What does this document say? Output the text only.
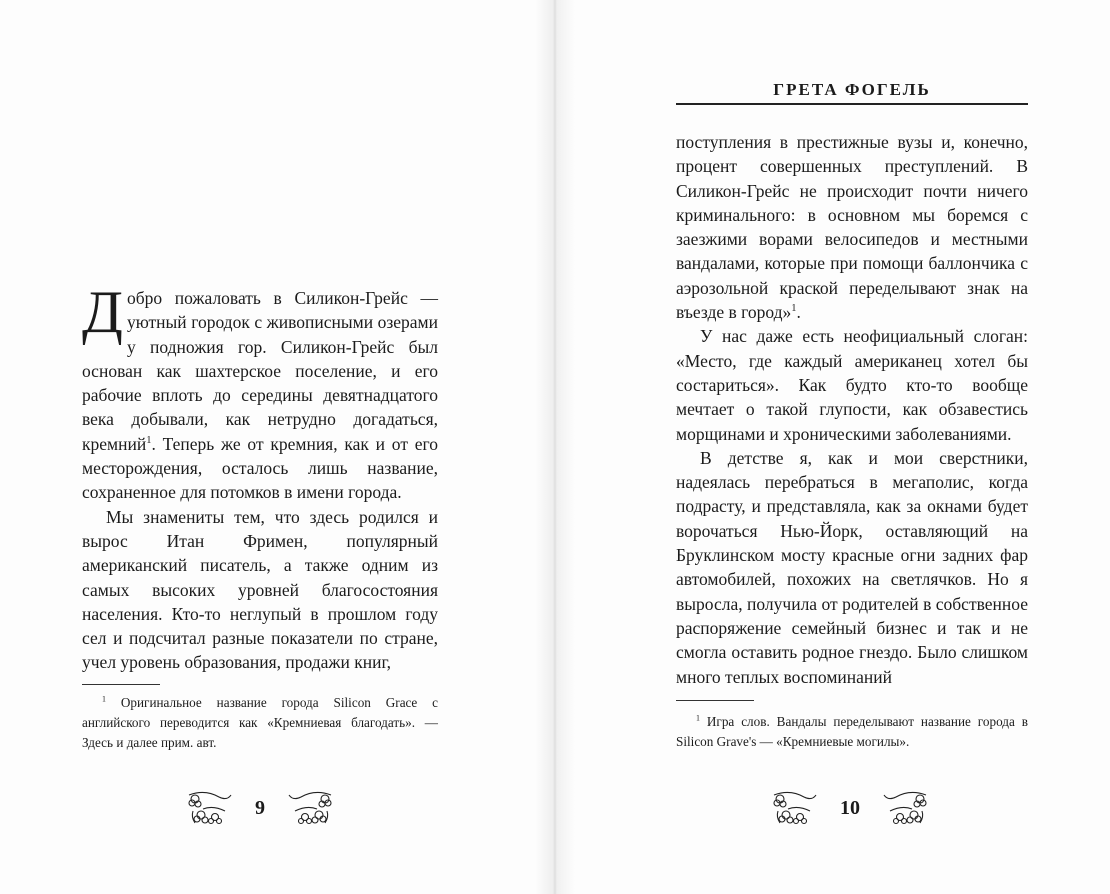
Добро пожаловать в Силикон-Грейс — уютный городок с живописными озерами у подножия гор. Силикон-Грейс был основан как шахтерское поселение, и его рабочие вплоть до середины девятнадцатого века добывали, как нетрудно догадаться, кремний$^1$. Теперь же от кремния, как и от его месторождения, осталось лишь название, сохраненное для потомков в имени города.

Мы знамениты тем, что здесь родился и вырос Итан Фримен, популярный американский писатель, а также одним из самых высоких уровней благосостояния населения. Кто-то неглупый в прошлом году сел и подсчитал разные показатели по стране, учел уровень образования, продажи книг,

$^1$ Оригинальное название города Silicon Grace с английского переводится как «Кремниевая благодать». — Здесь и далее прим. авт.

9
ГРЕТА ФОГЕЛЬ

поступления в престижные вузы и, конечно, процент совершенных преступлений. В Силикон-Грейс не происходит почти ничего криминального: в основном мы боремся с заезжими ворами велосипедов и местными вандалами, которые при помощи баллончика с аэрозольной краской переделывают знак на въезде в город»$^1$.

У нас даже есть неофициальный слоган: «Место, где каждый американец хотел бы состариться». Как будто кто-то вообще мечтает о такой глупости, как обзавестись морщинами и хроническими заболеваниями.

В детстве я, как и мои сверстники, надеялась перебраться в мегаполис, когда подрасту, и представляла, как за окнами будет ворочаться Нью-Йорк, оставляющий на Бруклинском мосту красные огни задних фар автомобилей, похожих на светлячков. Но я выросла, получила от родителей в собственное распоряжение семейный бизнес и так и не смогла оставить родное гнездо. Было слишком много теплых воспоминаний

$^1$ Игра слов. Вандалы переделывают название города в Silicon Grave's — «Кремниевые могилы».

10
